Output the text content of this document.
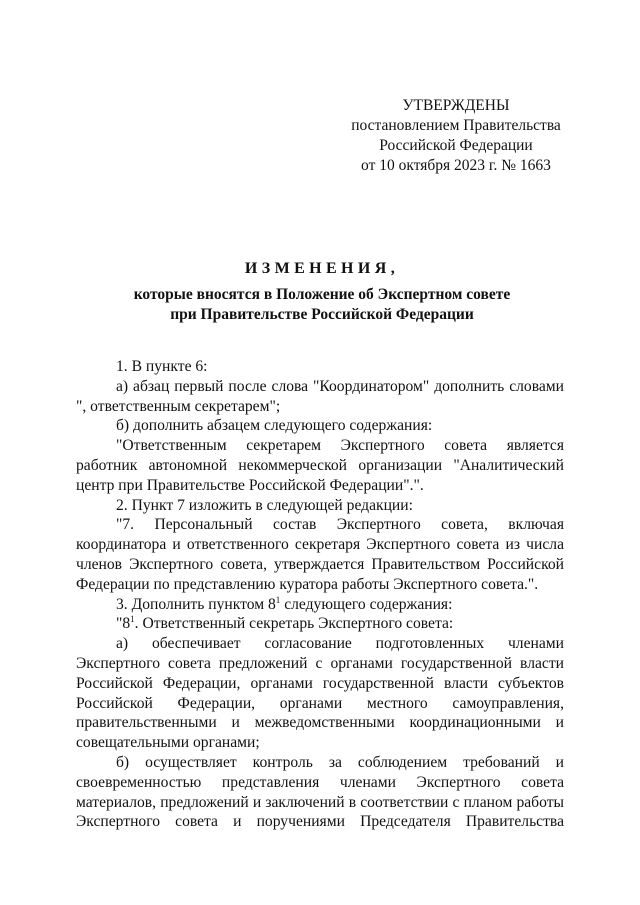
УТВЕРЖДЕНЫ
постановлением Правительства
Российской Федерации
от 10 октября 2023 г. № 1663
ИЗМЕНЕНИЯ,
которые вносятся в Положение об Экспертном совете
при Правительстве Российской Федерации

1. В пункте 6:

а) абзац первый после слова "Координатором" дополнить словами ", ответственным секретарем";

б) дополнить абзацем следующего содержания:

"Ответственным секретарем Экспертного совета является работник автономной некоммерческой организации "Аналитический центр при Правительстве Российской Федерации".".

2. Пункт 7 изложить в следующей редакции:

"7. Персональный состав Экспертного совета, включая координатора и ответственного секретаря Экспертного совета из числа членов Экспертного совета, утверждается Правительством Российской Федерации по представлению куратора работы Экспертного совета.".

3. Дополнить пунктом $8^1$ следующего содержания:

"$8^1$. Ответственный секретарь Экспертного совета:

а) обеспечивает согласование подготовленных членами Экспертного совета предложений с органами государственной власти Российской Федерации, органами государственной власти субъектов Российской Федерации, органами местного самоуправления, правительственными и межведомственными координационными и совещательными органами;

б) осуществляет контроль за соблюдением требований и своевременностью представления членами Экспертного совета материалов, предложений и заключений в соответствии с планом работы Экспертного совета и поручениями Председателя Правительства
